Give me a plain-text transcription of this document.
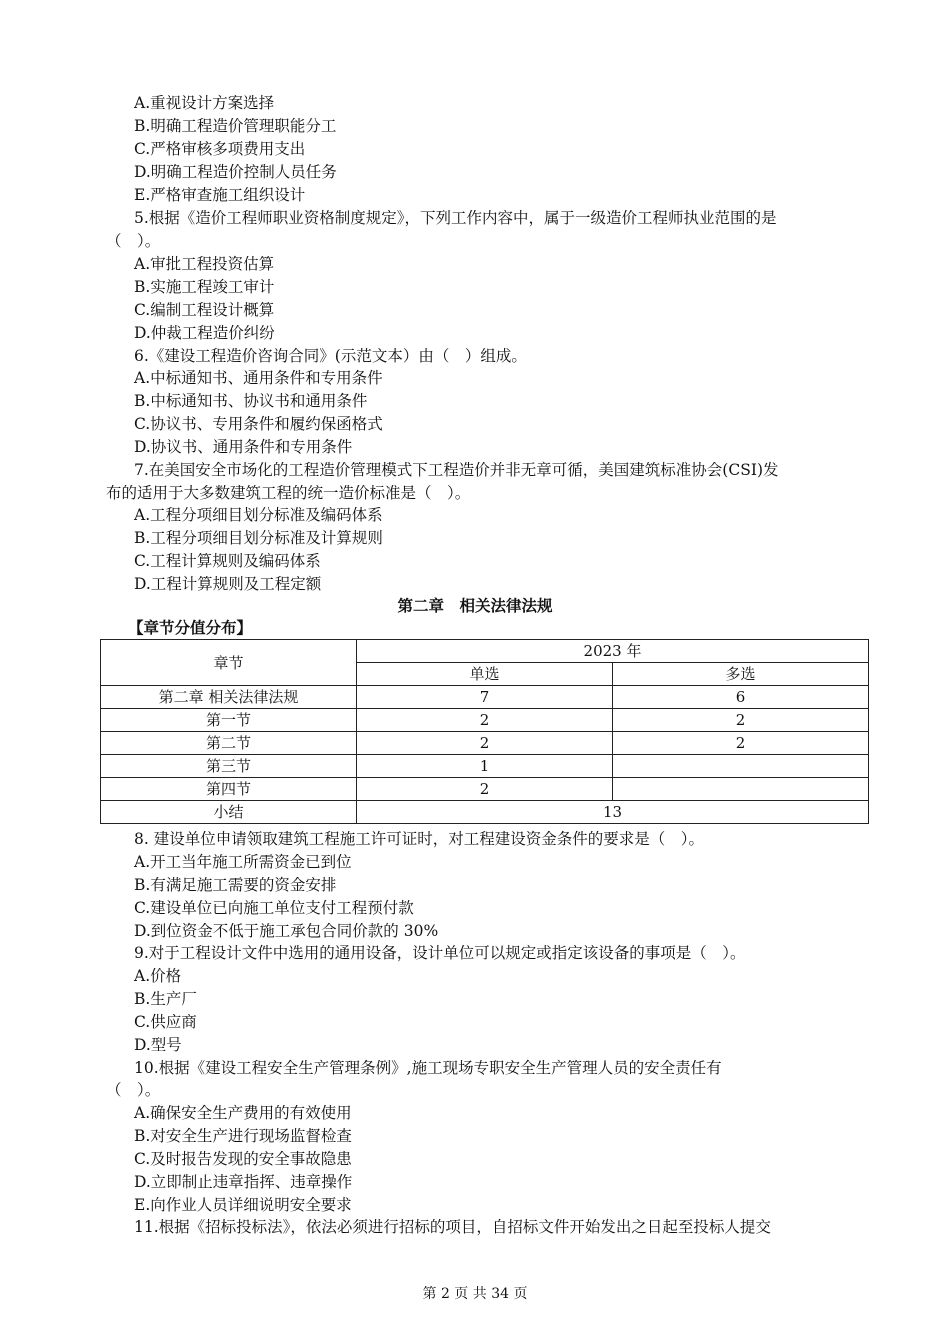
A.重视设计方案选择
B.明确工程造价管理职能分工
C.严格审核多项费用支出
D.明确工程造价控制人员任务
E.严格审查施工组织设计
5.根据《造价工程师职业资格制度规定》，下列工作内容中，属于一级造价工程师执业范围的是
（　）。
A.审批工程投资估算
B.实施工程竣工审计
C.编制工程设计概算
D.仲裁工程造价纠纷
6.《建设工程造价咨询合同》(示范文本）由（　）组成。
A.中标通知书、通用条件和专用条件
B.中标通知书、协议书和通用条件
C.协议书、专用条件和履约保函格式
D.协议书、通用条件和专用条件
7.在美国安全市场化的工程造价管理模式下工程造价并非无章可循，美国建筑标准协会(CSI)发
布的适用于大多数建筑工程的统一造价标准是（　）。
A.工程分项细目划分标准及编码体系
B.工程分项细目划分标准及计算规则
C.工程计算规则及编码体系
D.工程计算规则及工程定额
第二章　相关法律法规
【章节分值分布】
章节	2023 年	
	单选	多选
第二章 相关法律法规	7	6
第一节	2	2
第二节	2	2
第三节	1	
第四节	2	
小结	13	
8. 建设单位申请领取建筑工程施工许可证时，对工程建设资金条件的要求是（　）。
A.开工当年施工所需资金已到位
B.有满足施工需要的资金安排
C.建设单位已向施工单位支付工程预付款
D.到位资金不低于施工承包合同价款的 30%
9.对于工程设计文件中选用的通用设备，设计单位可以规定或指定该设备的事项是（　）。
A.价格
B.生产厂
C.供应商
D.型号
10.根据《建设工程安全生产管理条例》,施工现场专职安全生产管理人员的安全责任有
（　）。
A.确保安全生产费用的有效使用
B.对安全生产进行现场监督检查
C.及时报告发现的安全事故隐患
D.立即制止违章指挥、违章操作
E.向作业人员详细说明安全要求
11.根据《招标投标法》，依法必须进行招标的项目，自招标文件开始发出之日起至投标人提交
第 2 页 共 34 页
